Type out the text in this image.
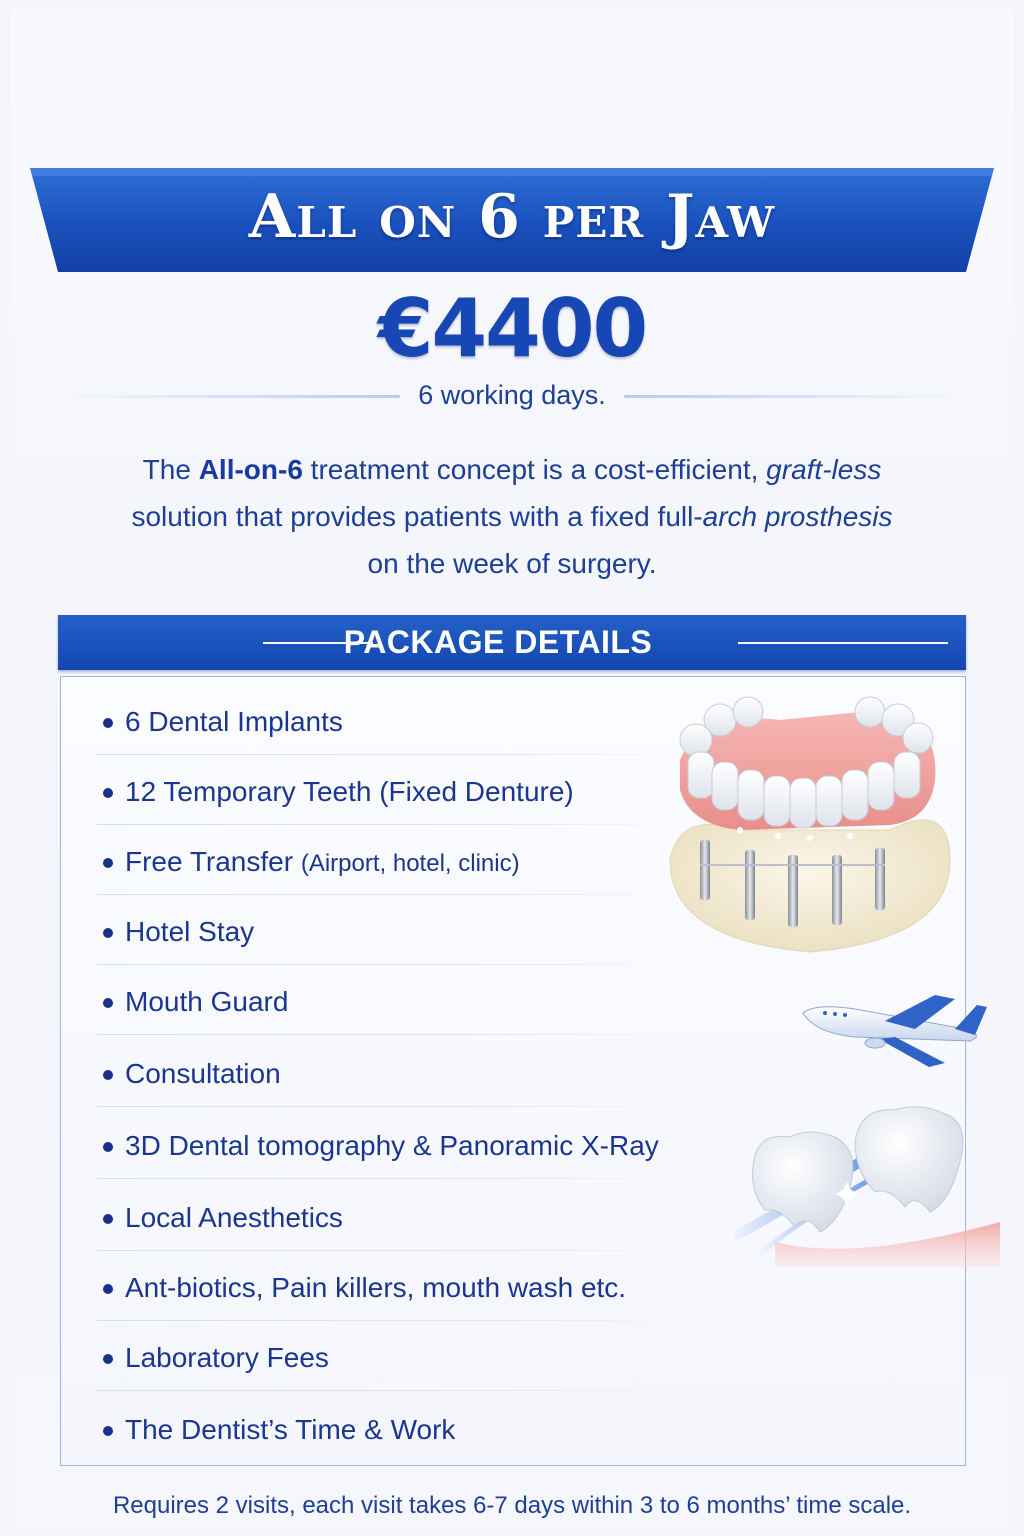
All on 6 per Jaw
€4400
6 working days.
The All-on-6 treatment concept is a cost-efficient, graft-less
solution that provides patients with a fixed full-arch prosthesis
on the week of surgery.
PACKAGE DETAILS
6 Dental Implants
12 Temporary Teeth (Fixed Denture)
Free Transfer (Airport, hotel, clinic)
Hotel Stay
Mouth Guard
Consultation
3D Dental tomography & Panoramic X-Ray
Local Anesthetics
Ant-biotics, Pain killers, mouth wash etc.
Laboratory Fees
The Dentist’s Time & Work
Requires 2 visits, each visit takes 6-7 days within 3 to 6 months’ time scale.
